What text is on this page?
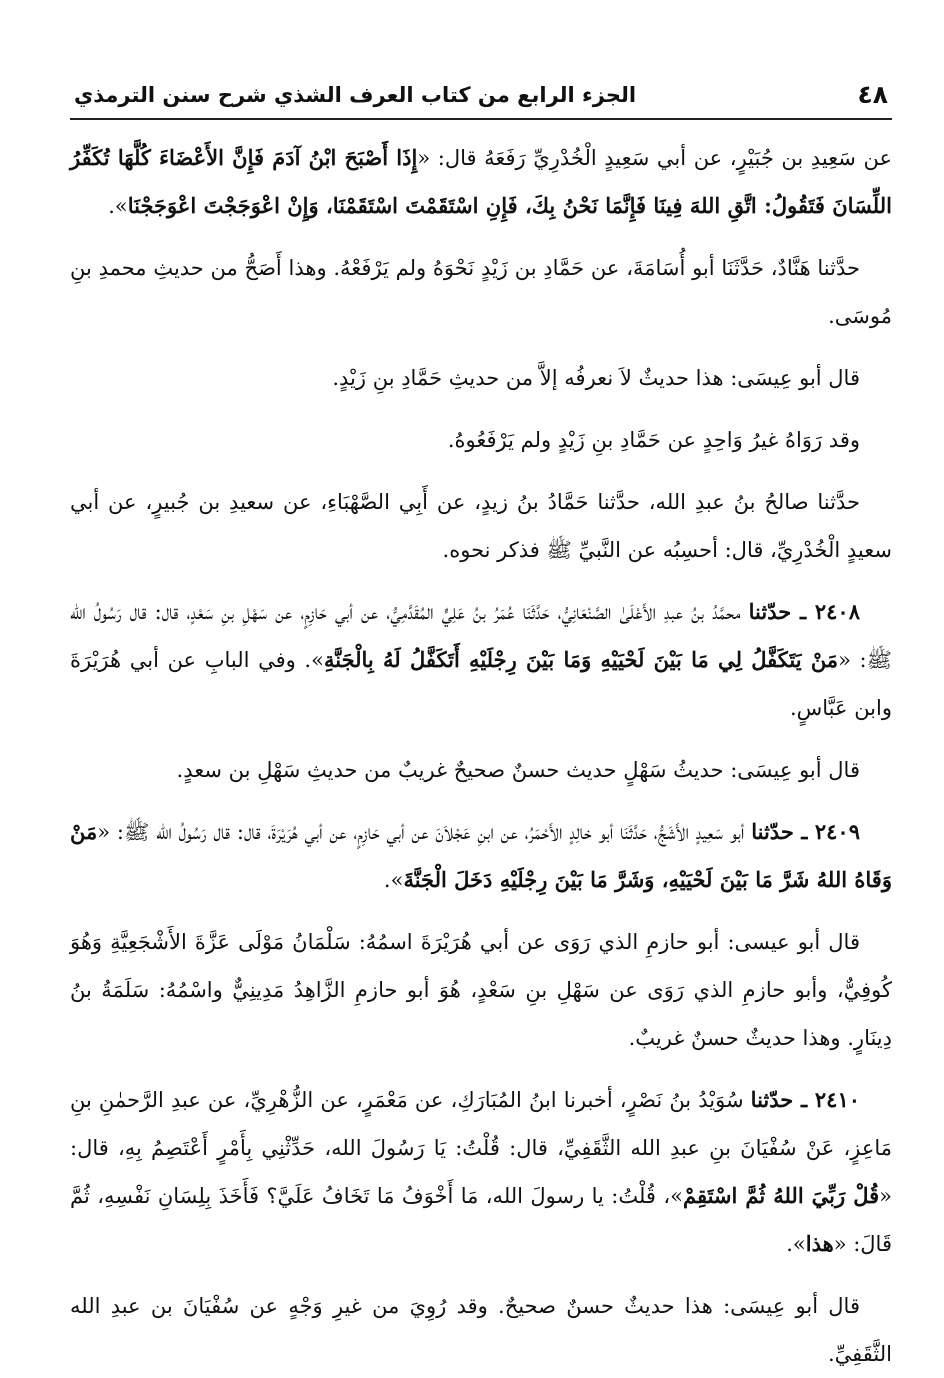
٤٨
الجزء الرابع من كتاب العرف الشذي شرح سنن الترمذي

عن سَعِيدِ بن جُبَيْرٍ، عن أبي سَعِيدٍ الْخُدْرِيِّ رَفَعَهُ قال: «إِذَا أَصْبَحَ ابْنُ آدَمَ فَإِنَّ الأَعْضَاءَ كُلَّهَا تُكَفِّرُ اللِّسَانَ فَتَقُولُ: اتَّقِ اللهَ فِينَا فَإِنَّمَا نَحْنُ بِكَ، فَإِنِ اسْتَقَمْتَ اسْتَقَمْنَا، وَإِنْ اعْوَجَجْتَ اعْوَجَجْنَا».

حدَّثنا هَنَّادٌ، حَدَّثَنَا أبو أُسَامَةَ، عن حَمَّادِ بن زَيْدٍ نَحْوَهُ ولم يَرْفَعْهُ. وهذا أَصَحُّ من حديثِ محمدِ بنِ مُوسَى.

قال أبو عِيسَى: هذا حديثٌ لاَ نعرفُه إلاَّ من حديثِ حَمَّادِ بنِ زَيْدٍ.

وقد رَوَاهُ غيرُ وَاحِدٍ عن حَمَّادِ بنِ زَيْدٍ ولم يَرْفَعُوهُ.

حدَّثنا صالحُ بنُ عبدِ الله، حدَّثنا حَمَّادُ بنُ زيدٍ، عن أَبِي الصَّهْبَاءِ، عن سعيدِ بن جُبيرٍ، عن أبي سعيدٍ الْخُدْرِيِّ، قال: أحسِبُه عن النَّبيِّ ﷺ فذكر نحوه.

٢٤٠٨ ـ حدّثنا محمَّدُ بنُ عبدِ الأَعْلَىٰ الصَّنْعَانِيُّ، حَدَّثَنَا عُمَرُ بنُ عَلِيٍّ المُقَدَّمِيُّ، عن أبي حَازِمٍ، عن سَهْلِ بنِ سَعْدٍ، قال: قال رَسُولُ الله ﷺ: «مَنْ يَتَكَفَّلُ لِي مَا بَيْنَ لَحْيَيْهِ وَمَا بَيْنَ رِجْلَيْهِ أَتَكَفَّلُ لَهُ بِالْجَنَّةِ». وفي البابِ عن أبي هُرَيْرَةَ وابن عَبَّاسٍ.

قال أبو عِيسَى: حديثُ سَهْلٍ حديث حسنٌ صحيحٌ غريبٌ من حديثِ سَهْلِ بن سعدٍ.

٢٤٠٩ ـ حدّثنا أبو سَعِيدٍ الأَشَجُّ، حَدَّثَنَا أبو خالِدٍ الأَحْمَرُ، عن ابنِ عَجْلاَنَ عن أبي حَازِمٍ، عن أبي هُرَيْرَةَ، قال: قال رَسُولُ الله ﷺ: «مَنْ وَقَاهُ اللهُ شَرَّ مَا بَيْنَ لَحْيَيْهِ، وَشَرَّ مَا بَيْنَ رِجْلَيْهِ دَخَلَ الْجَنَّةَ».

قال أبو عيسى: أبو حازمِ الذي رَوَى عن أبي هُرَيْرَةَ اسمُهُ: سَلْمَانُ مَوْلَى عَزَّةَ الأَشْجَعِيَّةِ وَهُوَ كُوفِيٌّ، وأبو حازمِ الذي رَوَى عن سَهْلِ بنِ سَعْدٍ، هُوَ أبو حازمِ الزَّاهِدُ مَدِينِيٌّ واسْمُهُ: سَلَمَةُ بنُ دِينَارٍ. وهذا حديثٌ حسنٌ غريبٌ.

٢٤١٠ ـ حدّثنا سُوَيْدُ بنُ نَصْرٍ، أخبرنا ابنُ المُبَارَكِ، عن مَعْمَرٍ، عن الزُّهْرِيِّ، عن عبدِ الرَّحمٰنِ بنِ مَاعِزٍ، عَنْ سُفْيَانَ بنِ عبدِ الله الثَّقَفِيِّ، قال: قُلْتُ: يَا رَسُولَ الله، حَدِّثْنِي بِأَمْرٍ أَعْتَصِمُ بِهِ، قال: «قُلْ رَبِّيَ اللهُ ثُمَّ اسْتَقِمْ»، قُلْتُ: يا رسولَ الله، مَا أَخْوَفُ مَا تَخَافُ عَلَيَّ؟ فَأَخَذَ بِلِسَانِ نَفْسِهِ، ثُمَّ قَالَ: «هذا».

قال أبو عِيسَى: هذا حديثٌ حسنٌ صحيحٌ. وقد رُوِيَ من غيرِ وَجْهٍ عن سُفْيَانَ بن عبدِ الله الثَّقَفِيِّ.
